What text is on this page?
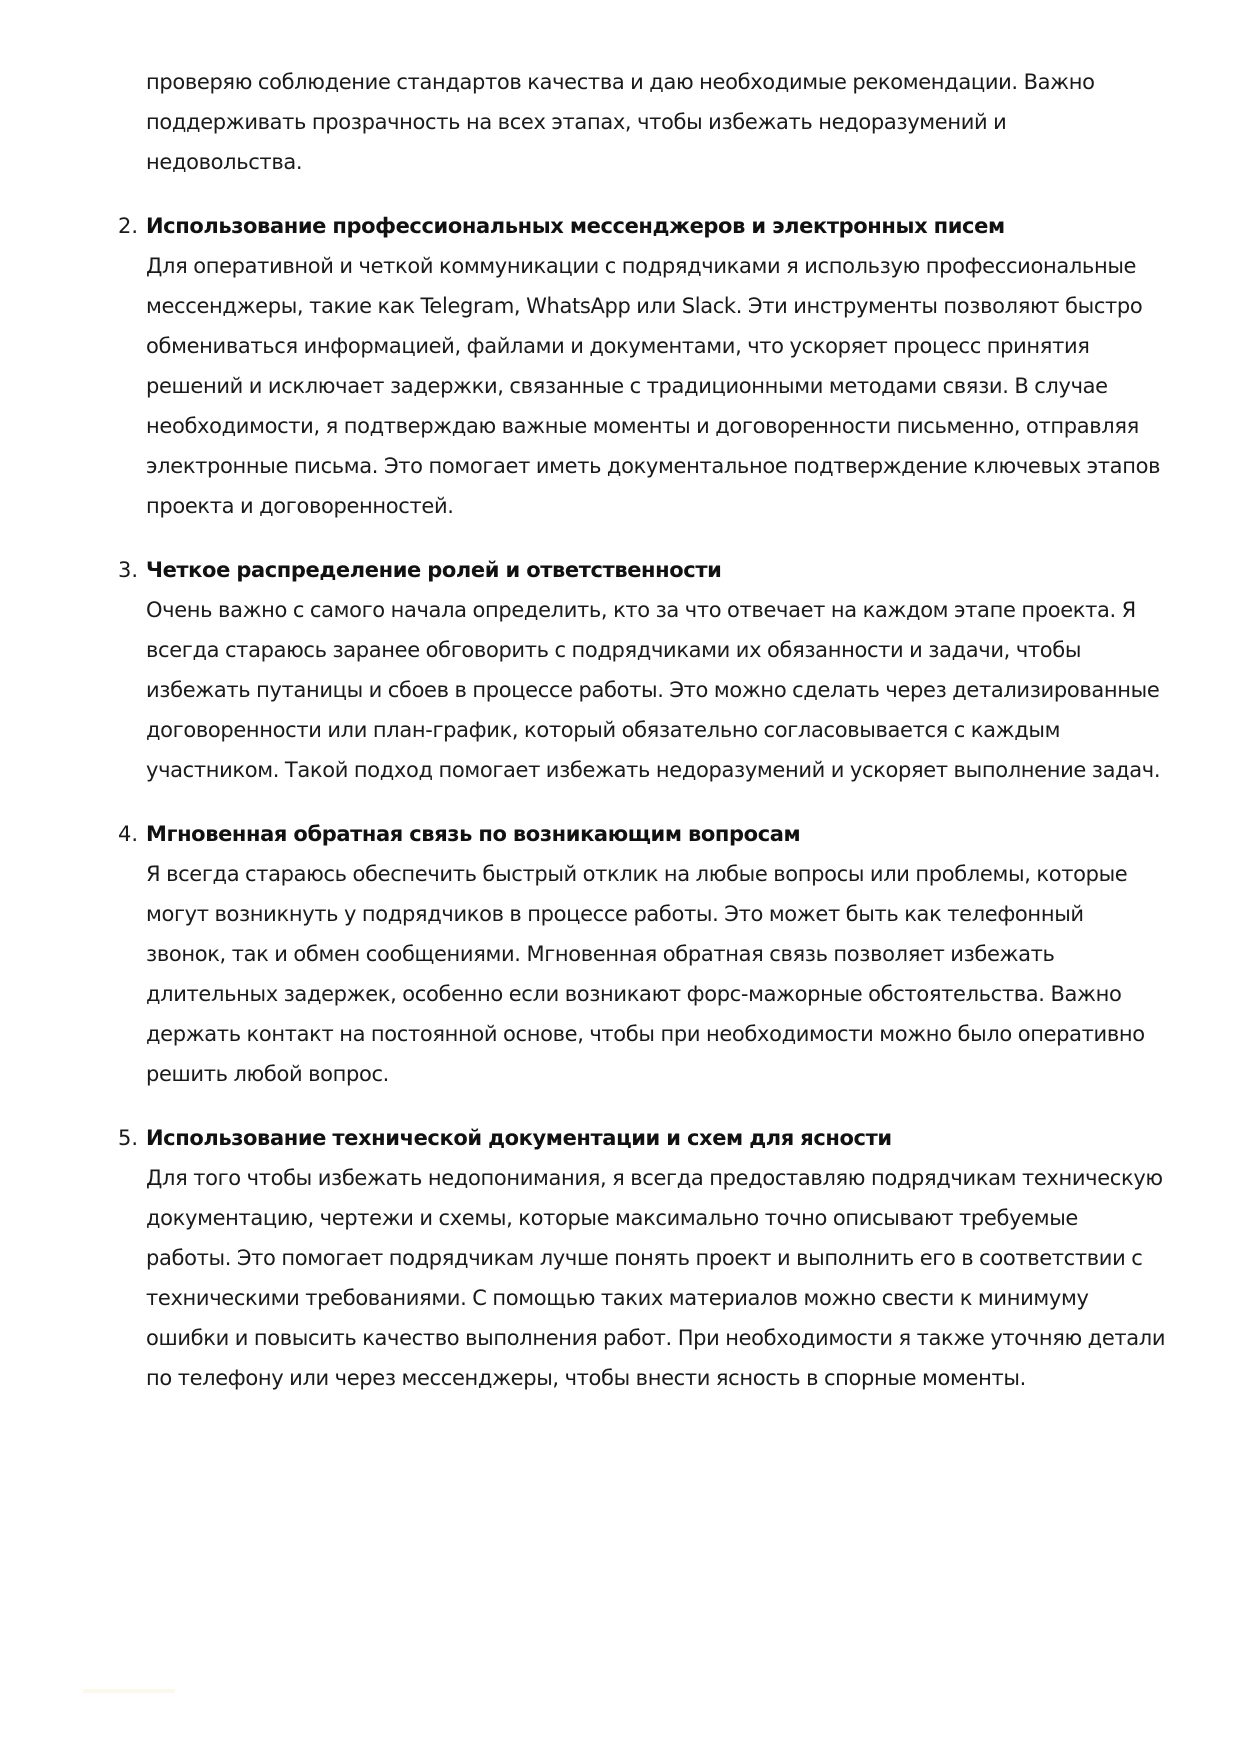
проверяю соблюдение стандартов качества и даю необходимые рекомендации. Важно поддерживать прозрачность на всех этапах, чтобы избежать недоразумений и недовольства.

2. Использование профессиональных мессенджеров и электронных писем

Для оперативной и четкой коммуникации с подрядчиками я использую профессиональные мессенджеры, такие как Telegram, WhatsApp или Slack. Эти инструменты позволяют быстро обмениваться информацией, файлами и документами, что ускоряет процесс принятия решений и исключает задержки, связанные с традиционными методами связи. В случае необходимости, я подтверждаю важные моменты и договоренности письменно, отправляя электронные письма. Это помогает иметь документальное подтверждение ключевых этапов проекта и договоренностей.

3. Четкое распределение ролей и ответственности

Очень важно с самого начала определить, кто за что отвечает на каждом этапе проекта. Я всегда стараюсь заранее обговорить с подрядчиками их обязанности и задачи, чтобы избежать путаницы и сбоев в процессе работы. Это можно сделать через детализированные договоренности или план-график, который обязательно согласовывается с каждым участником. Такой подход помогает избежать недоразумений и ускоряет выполнение задач.

4. Мгновенная обратная связь по возникающим вопросам

Я всегда стараюсь обеспечить быстрый отклик на любые вопросы или проблемы, которые могут возникнуть у подрядчиков в процессе работы. Это может быть как телефонный звонок, так и обмен сообщениями. Мгновенная обратная связь позволяет избежать длительных задержек, особенно если возникают форс-мажорные обстоятельства. Важно держать контакт на постоянной основе, чтобы при необходимости можно было оперативно решить любой вопрос.

5. Использование технической документации и схем для ясности

Для того чтобы избежать недопонимания, я всегда предоставляю подрядчикам техническую документацию, чертежи и схемы, которые максимально точно описывают требуемые работы. Это помогает подрядчикам лучше понять проект и выполнить его в соответствии с техническими требованиями. С помощью таких материалов можно свести к минимуму ошибки и повысить качество выполнения работ. При необходимости я также уточняю детали по телефону или через мессенджеры, чтобы внести ясность в спорные моменты.
